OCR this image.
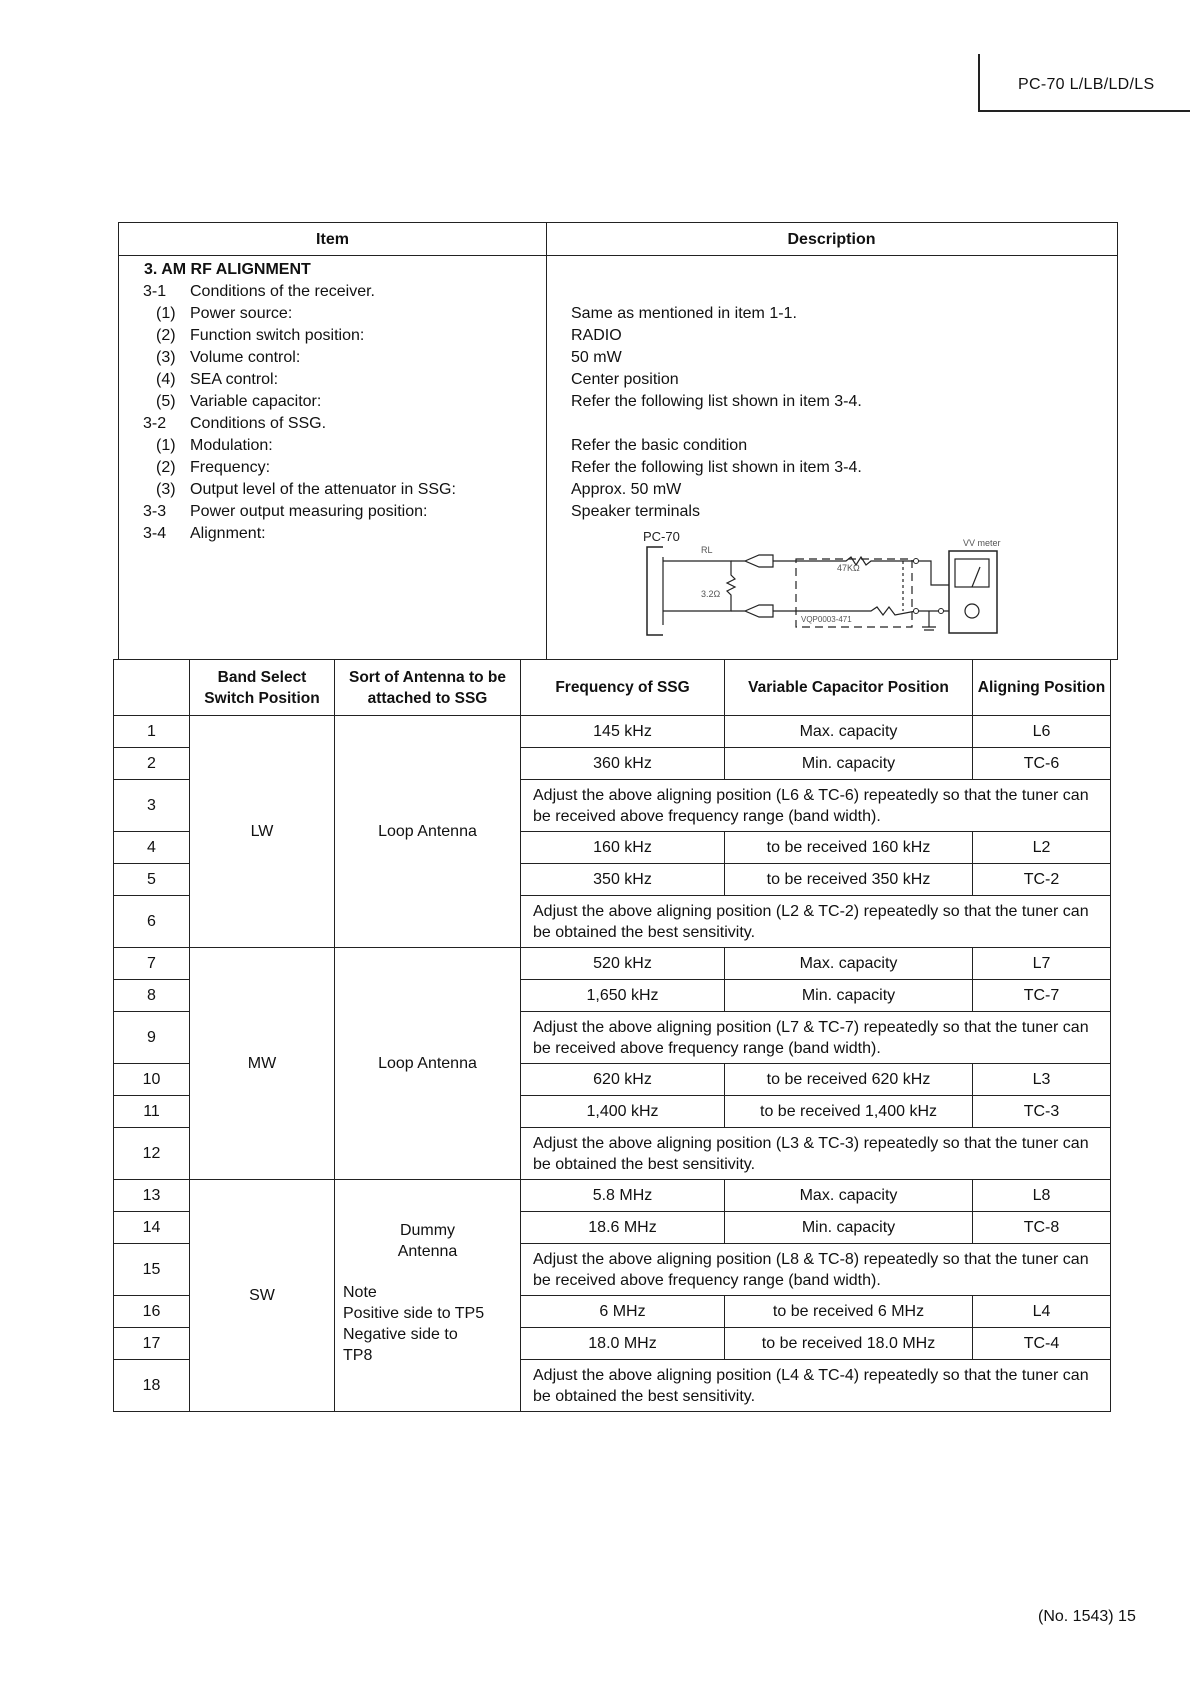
PC-70 L/LB/LD/LS
Item	Description
3. AM RF ALIGNMENT
3-1 Conditions of the receiver.
(1) Power source:	Same as mentioned in item 1-1.
(2) Function switch position:	RADIO
(3) Volume control:	50 mW
(4) SEA control:	Center position
(5) Variable capacitor:	Refer the following list shown in item 3-4.
3-2 Conditions of SSG.
(1) Modulation:	Refer the basic condition
(2) Frequency:	Refer the following list shown in item 3-4.
(3) Output level of the attenuator in SSG:	Approx. 50 mW
3-3 Power output measuring position:	Speaker terminals
3-4 Alignment:	PC-70
RL
3.2Ω
47KΩ
VQP0003-471
VV meter
	Band Select Switch Position	Sort of Antenna to be attached to SSG	Frequency of SSG	Variable Capacitor Position	Aligning Position
1	LW	Loop Antenna	145 kHz	Max. capacity	L6
2			360 kHz	Min. capacity	TC-6
3			Adjust the above aligning position (L6 & TC-6) repeatedly so that the tuner can be received above frequency range (band width).		
4			160 kHz	to be received 160 kHz	L2
5			350 kHz	to be received 350 kHz	TC-2
6			Adjust the above aligning position (L2 & TC-2) repeatedly so that the tuner can be obtained the best sensitivity.		
7	MW	Loop Antenna	520 kHz	Max. capacity	L7
8			1,650 kHz	Min. capacity	TC-7
9			Adjust the above aligning position (L7 & TC-7) repeatedly so that the tuner can be received above frequency range (band width).		
10			620 kHz	to be received 620 kHz	L3
11			1,400 kHz	to be received 1,400 kHz	TC-3
12			Adjust the above aligning position (L3 & TC-3) repeatedly so that the tuner can be obtained the best sensitivity.		
13	SW	Dummy Antenna
Note
Positive side to TP5
Negative side to
TP8	5.8 MHz	Max. capacity	L8
14			18.6 MHz	Min. capacity	TC-8
15			Adjust the above aligning position (L8 & TC-8) repeatedly so that the tuner can be received above frequency range (band width).		
16			6 MHz	to be received 6 MHz	L4
17			18.0 MHz	to be received 18.0 MHz	TC-4
18			Adjust the above aligning position (L4 & TC-4) repeatedly so that the tuner can be obtained the best sensitivity.		
(No. 1543) 15
